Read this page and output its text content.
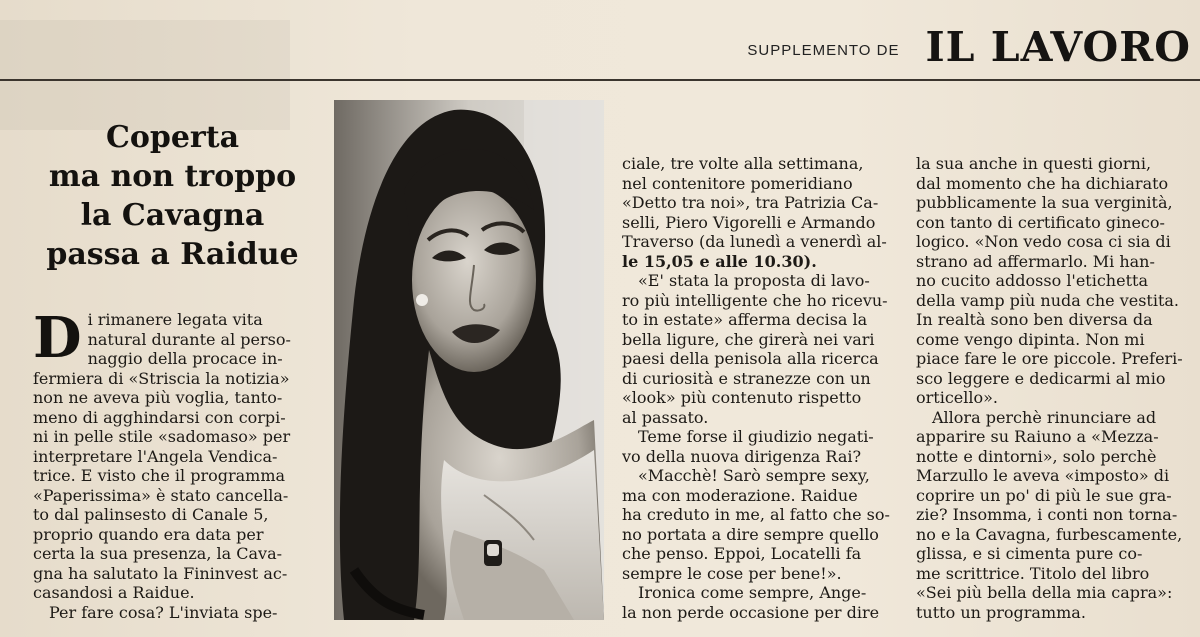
SUPPLEMENTO DE IL LAVORO
Coperta
ma non troppo
la Cavagna
passa a Raidue
D i rimanere legata vita
natural durante al perso-
naggio della procace in-
fermiera di «Striscia la notizia»
non ne aveva più voglia, tanto-
meno di agghindarsi con corpi-
ni in pelle stile «sadomaso» per
interpretare l'Angela Vendica-
trice. E visto che il programma
«Paperissima» è stato cancella-
to dal palinsesto di Canale 5,
proprio quando era data per
certa la sua presenza, la Cava-
gna ha salutato la Fininvest ac-
casandosi a Raidue.
Per fare cosa? L'inviata spe-
ciale, tre volte alla settimana,
nel contenitore pomeridiano
«Detto tra noi», tra Patrizia Ca-
selli, Piero Vigorelli e Armando
Traverso (da lunedì a venerdì al-
le 15,05 e alle 10.30).
«E' stata la proposta di lavo-
ro più intelligente che ho ricevu-
to in estate» afferma decisa la
bella ligure, che girerà nei vari
paesi della penisola alla ricerca
di curiosità e stranezze con un
«look» più contenuto rispetto
al passato.
Teme forse il giudizio negati-
vo della nuova dirigenza Rai?
«Macchè! Sarò sempre sexy,
ma con moderazione. Raidue
ha creduto in me, al fatto che so-
no portata a dire sempre quello
che penso. Eppoi, Locatelli fa
sempre le cose per bene!».
Ironica come sempre, Ange-
la non perde occasione per dire
la sua anche in questi giorni,
dal momento che ha dichiarato
pubblicamente la sua verginità,
con tanto di certificato gineco-
logico. «Non vedo cosa ci sia di
strano ad affermarlo. Mi han-
no cucito addosso l'etichetta
della vamp più nuda che vestita.
In realtà sono ben diversa da
come vengo dipinta. Non mi
piace fare le ore piccole. Preferi-
sco leggere e dedicarmi al mio
orticello».
Allora perchè rinunciare ad
apparire su Raiuno a «Mezza-
notte e dintorni», solo perchè
Marzullo le aveva «imposto» di
coprire un po' di più le sue gra-
zie? Insomma, i conti non torna-
no e la Cavagna, furbescamente,
glissa, e si cimenta pure co-
me scrittrice. Titolo del libro
«Sei più bella della mia capra»:
tutto un programma.
